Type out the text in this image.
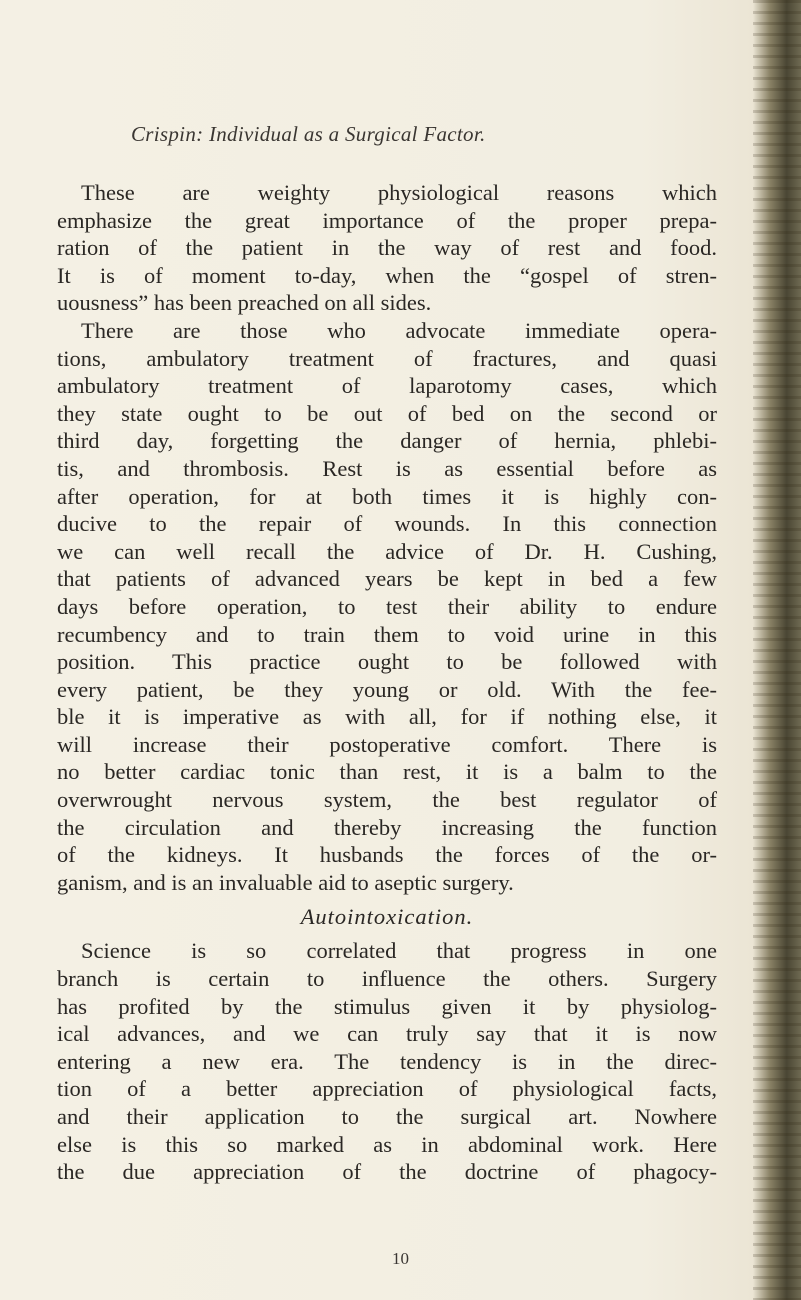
Crispin: Individual as a Surgical Factor.
These are weighty physiological reasons which
emphasize the great importance of the proper prepa-
ration of the patient in the way of rest and food.
It is of moment to-day, when the “gospel of stren-
uousness” has been preached on all sides.
There are those who advocate immediate opera-
tions, ambulatory treatment of fractures, and quasi
ambulatory treatment of laparotomy cases, which
they state ought to be out of bed on the second or
third day, forgetting the danger of hernia, phlebi-
tis, and thrombosis. Rest is as essential before as
after operation, for at both times it is highly con-
ducive to the repair of wounds. In this connection
we can well recall the advice of Dr. H. Cushing,
that patients of advanced years be kept in bed a few
days before operation, to test their ability to endure
recumbency and to train them to void urine in this
position. This practice ought to be followed with
every patient, be they young or old. With the fee-
ble it is imperative as with all, for if nothing else, it
will increase their postoperative comfort. There is
no better cardiac tonic than rest, it is a balm to the
overwrought nervous system, the best regulator of
the circulation and thereby increasing the function
of the kidneys. It husbands the forces of the or-
ganism, and is an invaluable aid to aseptic surgery.
Autointoxication.
Science is so correlated that progress in one
branch is certain to influence the others. Surgery
has profited by the stimulus given it by physiolog-
ical advances, and we can truly say that it is now
entering a new era. The tendency is in the direc-
tion of a better appreciation of physiological facts,
and their application to the surgical art. Nowhere
else is this so marked as in abdominal work. Here
the due appreciation of the doctrine of phagocy-
10
